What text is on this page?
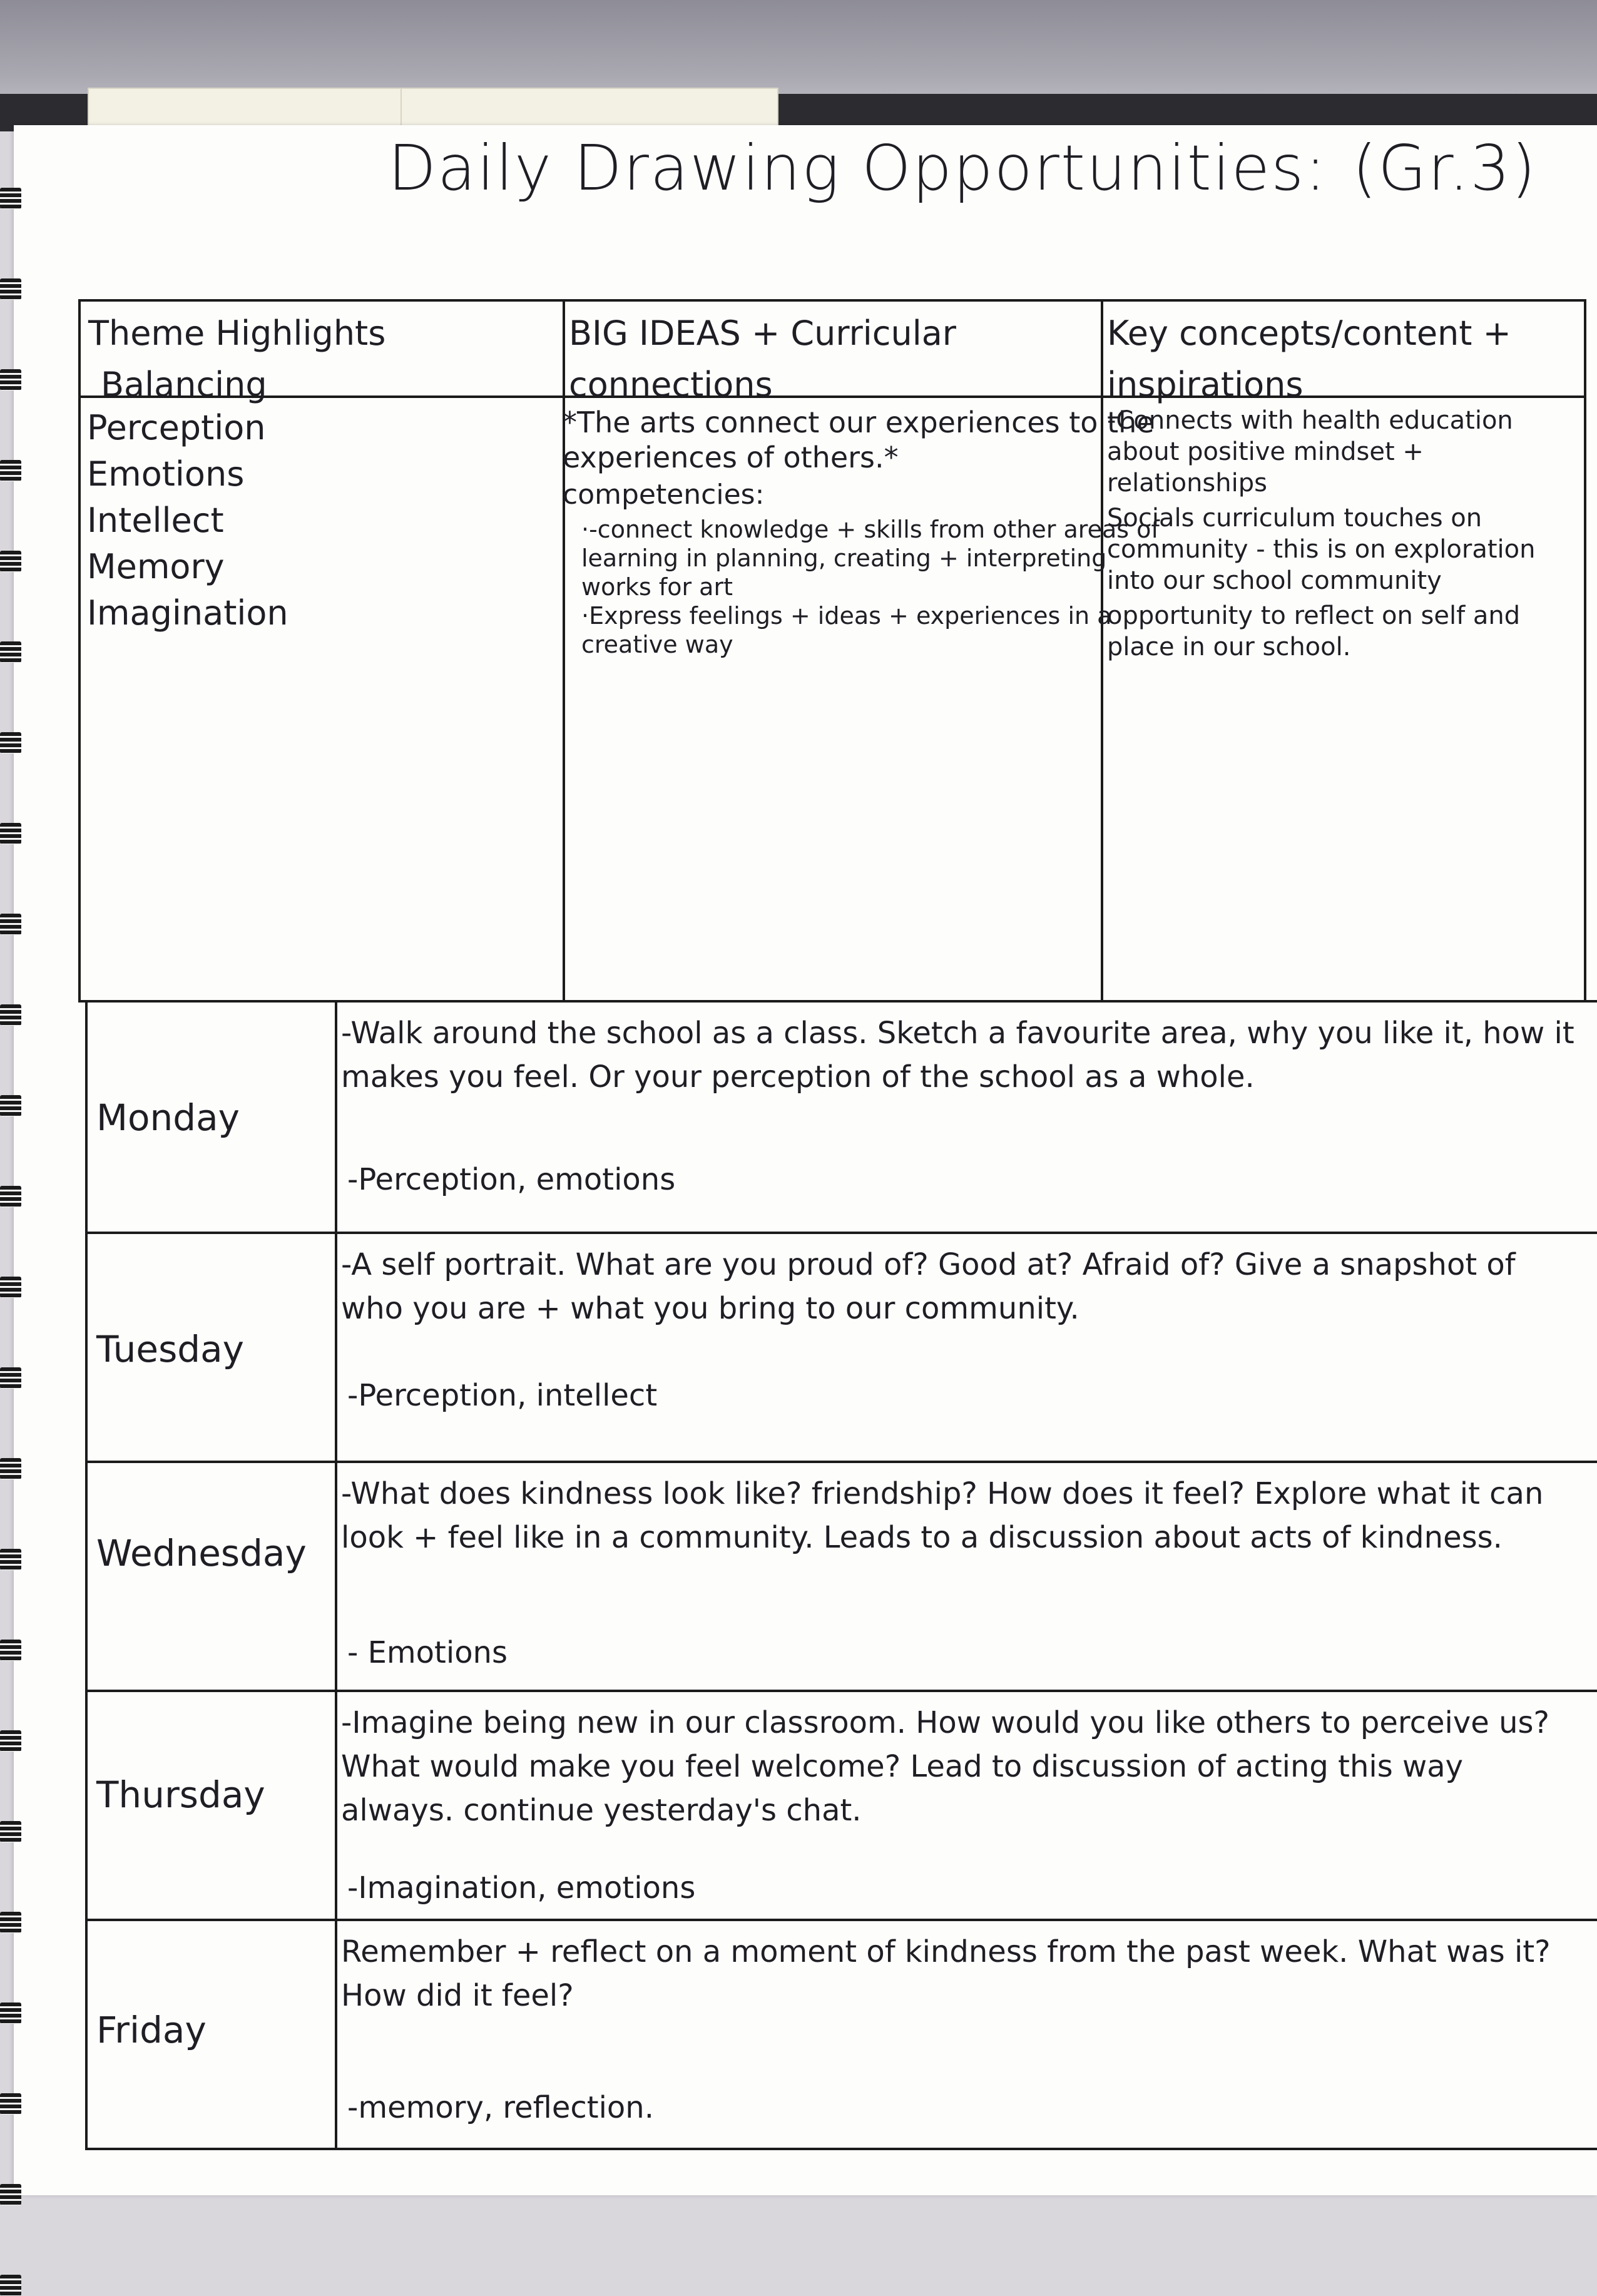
Daily Drawing Opportunities: (Gr.3)
Theme Highlights
Balancing
BIG IDEAS + Curricular
connections
Key concepts/content +
inspirations
Perception
Emotions
Intellect
Memory
Imagination
*The arts connect our experiences to the experiences of others.*
competencies:
· -connect knowledge + skills from other areas of learning in planning, creating + interpreting works for art
· Express feelings + ideas + experiences in a creative way

-Connects with health education about positive mindset + relationships

Socials curriculum touches on community - this is on exploration into our school community

opportunity to reflect on self and place in our school.

Monday
-Walk around the school as a class. Sketch a favourite area, why you like it, how it makes you feel. Or your perception of the school as a whole.
-Perception, emotions
Tuesday
-A self portrait. What are you proud of? Good at? Afraid of? Give a snapshot of who you are + what you bring to our community.
-Perception, intellect
Wednesday
-What does kindness look like? friendship? How does it feel? Explore what it can look + feel like in a community. Leads to a discussion about acts of kindness.
- Emotions
Thursday
-Imagine being new in our classroom. How would you like others to perceive us? What would make you feel welcome? Lead to discussion of acting this way always. continue yesterday's chat.
-Imagination, emotions
Friday
Remember + reflect on a moment of kindness from the past week. What was it? How did it feel?
-memory, reflection.
